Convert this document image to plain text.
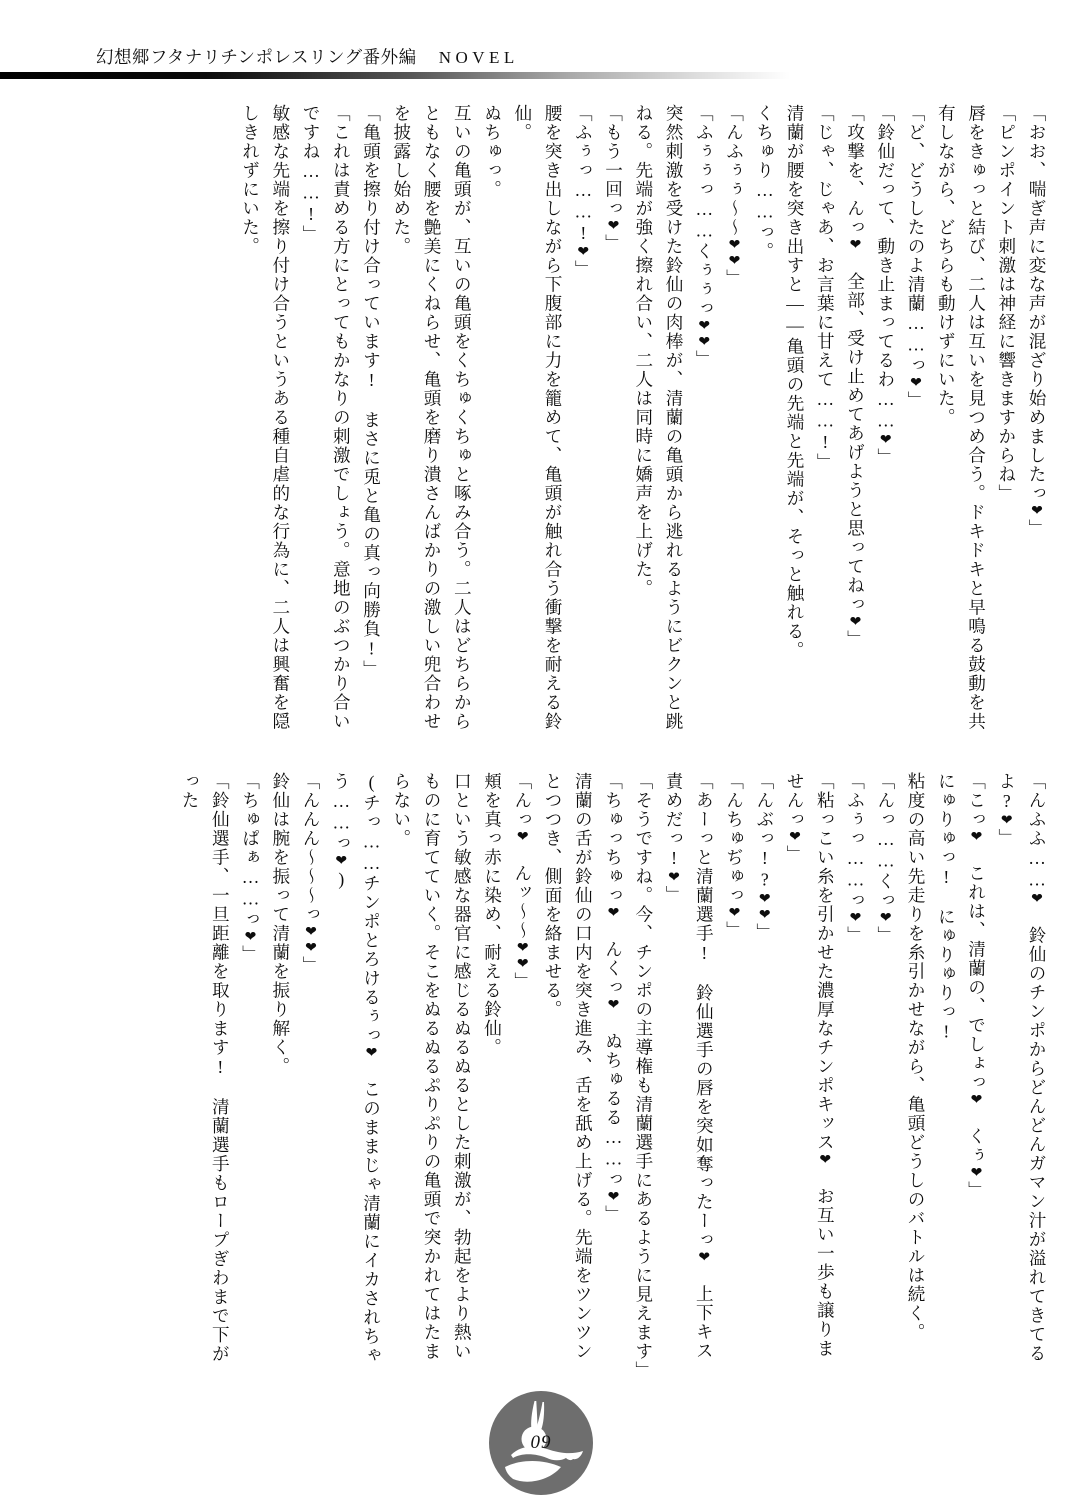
幻想郷フタナリチンポレスリング番外編 NOVEL

「おお、喘ぎ声に変な声が混ざり始めましたっ❤」

「ピンポイント刺激は神経に響きますからね」

唇をきゅっと結び、二人は互いを見つめ合う。ドキドキと早鳴る鼓動を共有しながら、どちらも動けずにいた。

「ど、どうしたのよ清蘭……っ❤」

「鈴仙だって、動き止まってるわ……❤」

「攻撃を、んっ❤　全部、受け止めてあげようと思ってねっ❤」

「じゃ、じゃあ、お言葉に甘えて……!」

清蘭が腰を突き出すと――亀頭の先端と先端が、そっと触れる。

くちゅり……っ。

「んふぅぅ～～❤❤」

「ふぅぅっ……くぅぅっ❤❤」

突然刺激を受けた鈴仙の肉棒が、清蘭の亀頭から逃れるようにビクンと跳ねる。先端が強く擦れ合い、二人は同時に嬌声を上げた。

「もう一回っ❤」

「ふぅっ……!❤」

腰を突き出しながら下腹部に力を籠めて、亀頭が触れ合う衝撃を耐える鈴仙。

ぬちゅっ。

互いの亀頭が、互いの亀頭をくちゅくちゅと啄み合う。二人はどちらからともなく腰を艶美にくねらせ、亀頭を磨り潰さんばかりの激しい兜合わせを披露し始めた。

「亀頭を擦り付け合っています!　まさに兎と亀の真っ向勝負!」

「これは責める方にとってもかなりの刺激でしょう。意地のぶつかり合いですね……!」

敏感な先端を擦り付け合うというある種自虐的な行為に、二人は興奮を隠しきれずにいた。

「んふふ……❤　鈴仙のチンポからどんどんガマン汁が溢れてきてるよ?❤」

「こっ❤　これは、清蘭の、でしょっ❤　くぅ❤」

にゅりゅっ!　にゅりゅりっ!

粘度の高い先走りを糸引かせながら、亀頭どうしのバトルは続く。

「んっ……くっ❤」

「ふぅっ……っ❤」

「粘っこい糸を引かせた濃厚なチンポキッス❤　お互い一歩も譲りませんっ❤」

「んぶっ!?❤❤」

「んちゅぢゅっ❤」

「あーっと清蘭選手!　鈴仙選手の唇を突如奪ったーっ❤　上下キス責めだっ!❤」

「そうですね。今、チンポの主導権も清蘭選手にあるように見えます」

「ちゅっちゅっ❤　んくっ❤　ぬちゅるる……っ❤」

清蘭の舌が鈴仙の口内を突き進み、舌を舐め上げる。先端をツンツンとつつき、側面を絡ませる。

「んっ❤　んッ～～❤❤」

頬を真っ赤に染め、耐える鈴仙。

口という敏感な器官に感じるぬるぬるとした刺激が、勃起をより熱いものに育てていく。そこをぬるぬるぷりぷりの亀頭で突かれてはたまらない。

(チっ……チンポとろけるぅっ❤　このままじゃ清蘭にイカされちゃう……っ❤)

「んんん～～～っ❤❤」

鈴仙は腕を振って清蘭を振り解く。

「ちゅぱぁ……っ❤」

「鈴仙選手、一旦距離を取ります!　清蘭選手もロープぎわまで下がった

09
